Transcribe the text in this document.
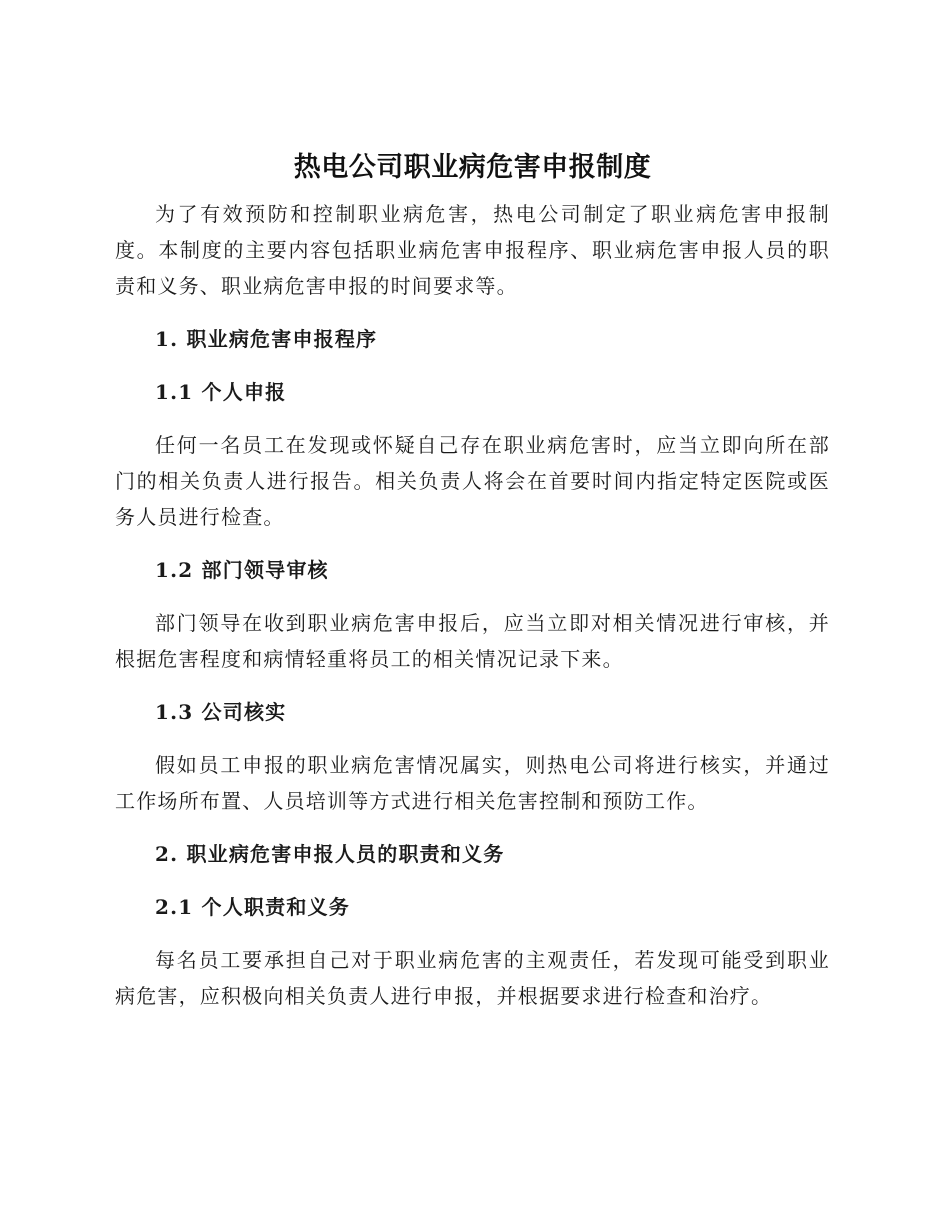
热电公司职业病危害申报制度

为了有效预防和控制职业病危害，热电公司制定了职业病危害申报制度。本制度的主要内容包括职业病危害申报程序、职业病危害申报人员的职责和义务、职业病危害申报的时间要求等。

1. 职业病危害申报程序
1.1 个人申报

任何一名员工在发现或怀疑自己存在职业病危害时，应当立即向所在部门的相关负责人进行报告。相关负责人将会在首要时间内指定特定医院或医务人员进行检查。

1.2 部门领导审核

部门领导在收到职业病危害申报后，应当立即对相关情况进行审核，并根据危害程度和病情轻重将员工的相关情况记录下来。

1.3 公司核实

假如员工申报的职业病危害情况属实，则热电公司将进行核实，并通过工作场所布置、人员培训等方式进行相关危害控制和预防工作。

2. 职业病危害申报人员的职责和义务
2.1 个人职责和义务

每名员工要承担自己对于职业病危害的主观责任，若发现可能受到职业病危害，应积极向相关负责人进行申报，并根据要求进行检查和治疗。
